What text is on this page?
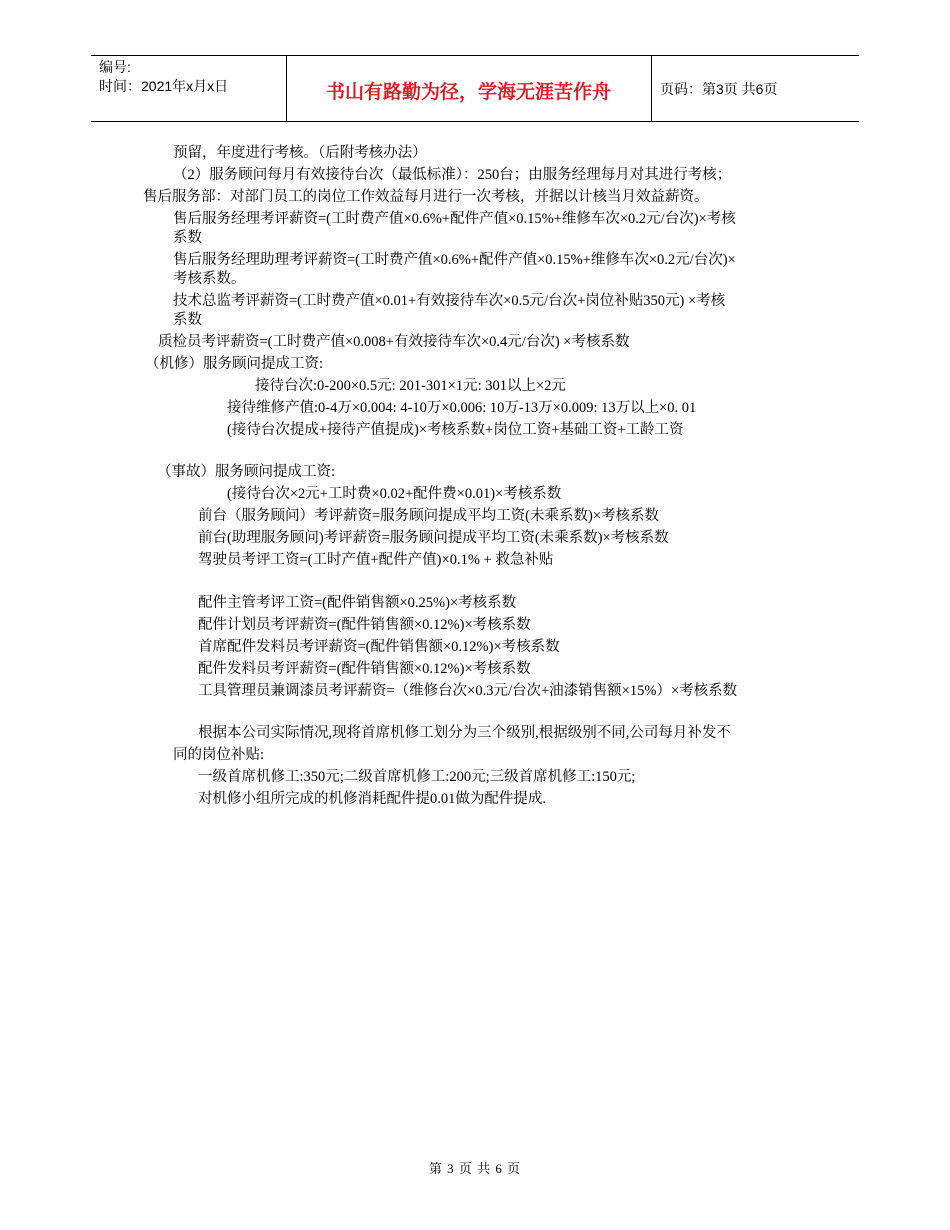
编号:
时间：2021年x月x日	书山有路勤为径，学海无涯苦作舟	页码：第3页 共6页
预留，年度进行考核。（后附考核办法）
（2）服务顾问每月有效接待台次（最低标准）：250台；由服务经理每月对其进行考核；
售后服务部：对部门员工的岗位工作效益每月进行一次考核，并据以计核当月效益薪资。
售后服务经理考评薪资=(工时费产值×0.6%+配件产值×0.15%+维修车次×0.2元/台次)×考核
系数
售后服务经理助理考评薪资=(工时费产值×0.6%+配件产值×0.15%+维修车次×0.2元/台次)×
考核系数。
技术总监考评薪资=(工时费产值×0.01+有效接待车次×0.5元/台次+岗位补贴350元) ×考核
系数
质检员考评薪资=(工时费产值×0.008+有效接待车次×0.4元/台次) ×考核系数
（机修）服务顾问提成工资:
接待台次:0-200×0.5元: 201-301×1元: 301以上×2元
接待维修产值:0-4万×0.004: 4-10万×0.006: 10万-13万×0.009: 13万以上×0. 01
(接待台次提成+接待产值提成)×考核系数+岗位工资+基础工资+工龄工资
（事故）服务顾问提成工资:
(接待台次×2元+工时费×0.02+配件费×0.01)×考核系数
前台（服务顾问）考评薪资=服务顾问提成平均工资(未乘系数)×考核系数
前台(助理服务顾问)考评薪资=服务顾问提成平均工资(未乘系数)×考核系数
驾驶员考评工资=(工时产值+配件产值)×0.1% + 救急补贴
配件主管考评工资=(配件销售额×0.25%)×考核系数
配件计划员考评薪资=(配件销售额×0.12%)×考核系数
首席配件发料员考评薪资=(配件销售额×0.12%)×考核系数
配件发料员考评薪资=(配件销售额×0.12%)×考核系数
工具管理员兼调漆员考评薪资=（维修台次×0.3元/台次+油漆销售额×15%）×考核系数
根据本公司实际情况,现将首席机修工划分为三个级别,根据级别不同,公司每月补发不
同的岗位补贴:
一级首席机修工:350元;二级首席机修工:200元;三级首席机修工:150元;
对机修小组所完成的机修消耗配件提0.01做为配件提成.
第 3 页 共 6 页
